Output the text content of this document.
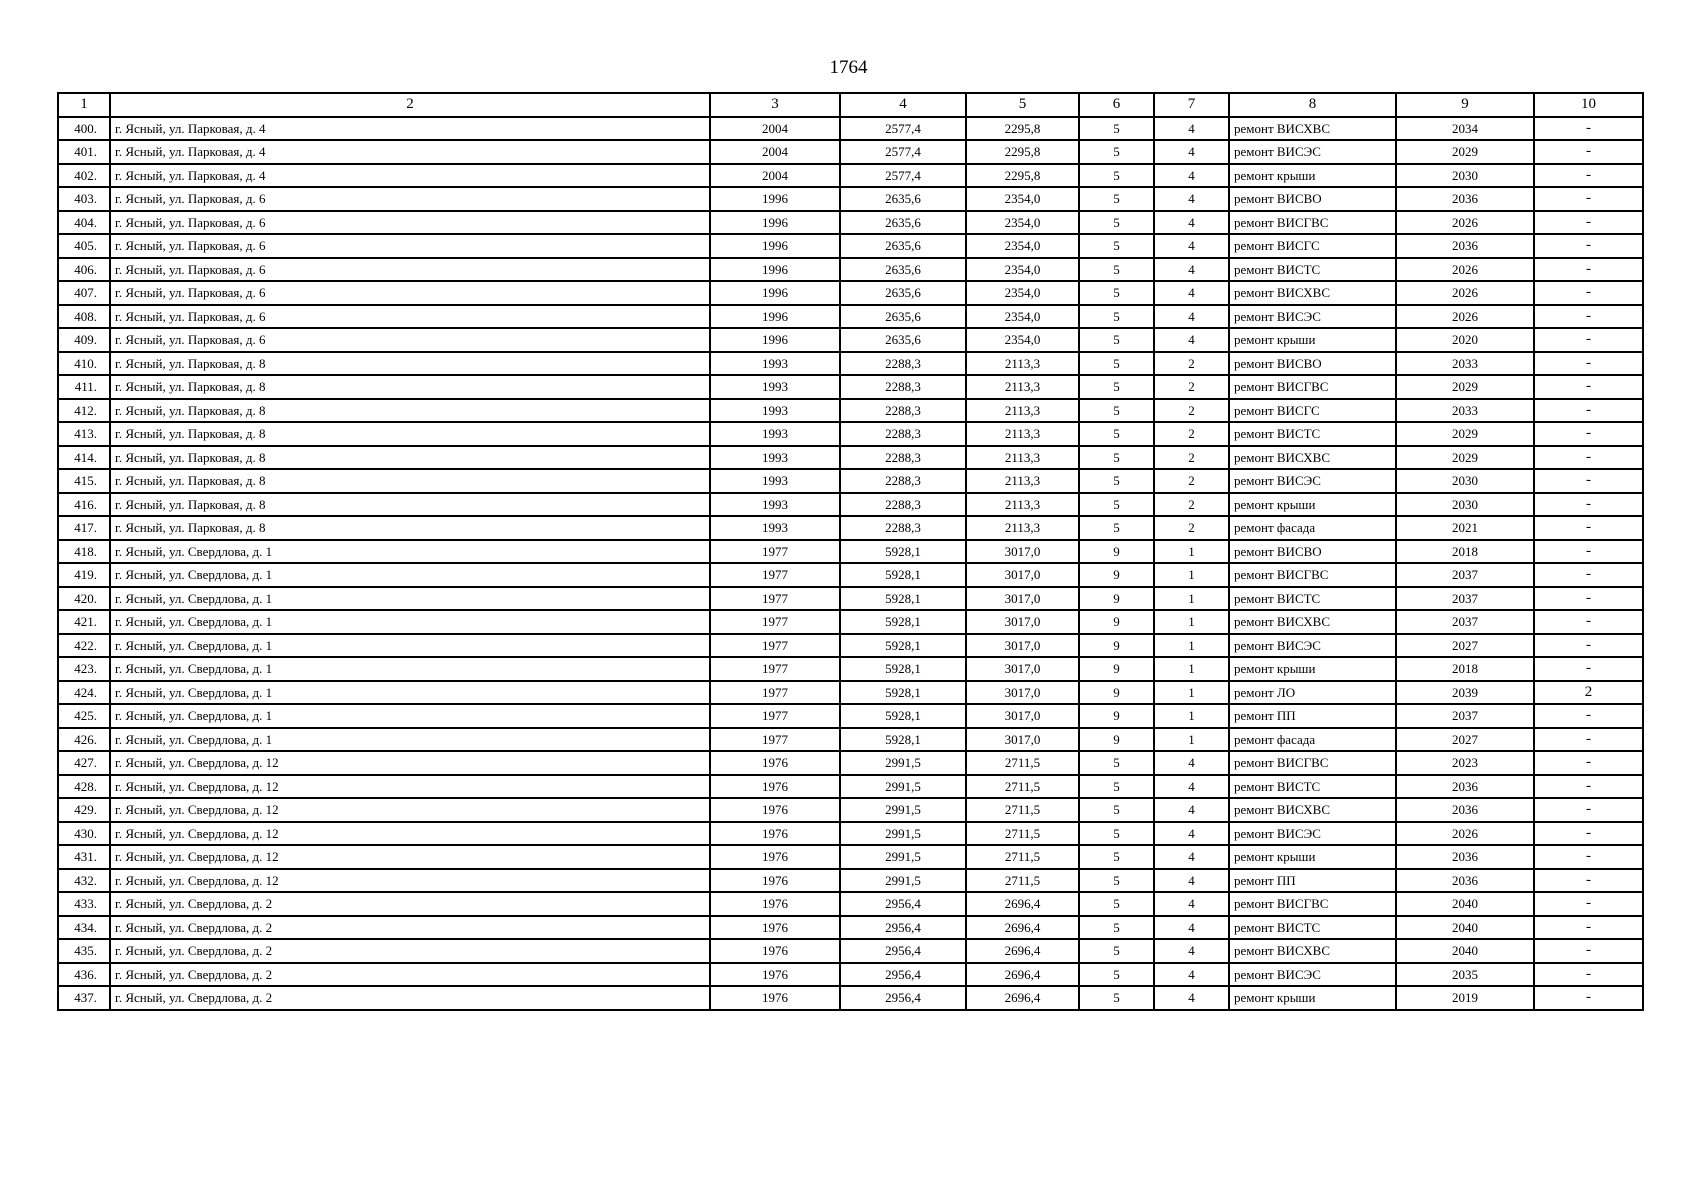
1764
1	2	3	4	5	6	7	8	9	10
400.	г. Ясный, ул. Парковая, д. 4	2004	2577,4	2295,8	5	4	ремонт ВИСХВС	2034	-
401.	г. Ясный, ул. Парковая, д. 4	2004	2577,4	2295,8	5	4	ремонт ВИСЭС	2029	-
402.	г. Ясный, ул. Парковая, д. 4	2004	2577,4	2295,8	5	4	ремонт крыши	2030	-
403.	г. Ясный, ул. Парковая, д. 6	1996	2635,6	2354,0	5	4	ремонт ВИСВО	2036	-
404.	г. Ясный, ул. Парковая, д. 6	1996	2635,6	2354,0	5	4	ремонт ВИСГВС	2026	-
405.	г. Ясный, ул. Парковая, д. 6	1996	2635,6	2354,0	5	4	ремонт ВИСГС	2036	-
406.	г. Ясный, ул. Парковая, д. 6	1996	2635,6	2354,0	5	4	ремонт ВИСТС	2026	-
407.	г. Ясный, ул. Парковая, д. 6	1996	2635,6	2354,0	5	4	ремонт ВИСХВС	2026	-
408.	г. Ясный, ул. Парковая, д. 6	1996	2635,6	2354,0	5	4	ремонт ВИСЭС	2026	-
409.	г. Ясный, ул. Парковая, д. 6	1996	2635,6	2354,0	5	4	ремонт крыши	2020	-
410.	г. Ясный, ул. Парковая, д. 8	1993	2288,3	2113,3	5	2	ремонт ВИСВО	2033	-
411.	г. Ясный, ул. Парковая, д. 8	1993	2288,3	2113,3	5	2	ремонт ВИСГВС	2029	-
412.	г. Ясный, ул. Парковая, д. 8	1993	2288,3	2113,3	5	2	ремонт ВИСГС	2033	-
413.	г. Ясный, ул. Парковая, д. 8	1993	2288,3	2113,3	5	2	ремонт ВИСТС	2029	-
414.	г. Ясный, ул. Парковая, д. 8	1993	2288,3	2113,3	5	2	ремонт ВИСХВС	2029	-
415.	г. Ясный, ул. Парковая, д. 8	1993	2288,3	2113,3	5	2	ремонт ВИСЭС	2030	-
416.	г. Ясный, ул. Парковая, д. 8	1993	2288,3	2113,3	5	2	ремонт крыши	2030	-
417.	г. Ясный, ул. Парковая, д. 8	1993	2288,3	2113,3	5	2	ремонт фасада	2021	-
418.	г. Ясный, ул. Свердлова, д. 1	1977	5928,1	3017,0	9	1	ремонт ВИСВО	2018	-
419.	г. Ясный, ул. Свердлова, д. 1	1977	5928,1	3017,0	9	1	ремонт ВИСГВС	2037	-
420.	г. Ясный, ул. Свердлова, д. 1	1977	5928,1	3017,0	9	1	ремонт ВИСТС	2037	-
421.	г. Ясный, ул. Свердлова, д. 1	1977	5928,1	3017,0	9	1	ремонт ВИСХВС	2037	-
422.	г. Ясный, ул. Свердлова, д. 1	1977	5928,1	3017,0	9	1	ремонт ВИСЭС	2027	-
423.	г. Ясный, ул. Свердлова, д. 1	1977	5928,1	3017,0	9	1	ремонт крыши	2018	-
424.	г. Ясный, ул. Свердлова, д. 1	1977	5928,1	3017,0	9	1	ремонт ЛО	2039	2
425.	г. Ясный, ул. Свердлова, д. 1	1977	5928,1	3017,0	9	1	ремонт ПП	2037	-
426.	г. Ясный, ул. Свердлова, д. 1	1977	5928,1	3017,0	9	1	ремонт фасада	2027	-
427.	г. Ясный, ул. Свердлова, д. 12	1976	2991,5	2711,5	5	4	ремонт ВИСГВС	2023	-
428.	г. Ясный, ул. Свердлова, д. 12	1976	2991,5	2711,5	5	4	ремонт ВИСТС	2036	-
429.	г. Ясный, ул. Свердлова, д. 12	1976	2991,5	2711,5	5	4	ремонт ВИСХВС	2036	-
430.	г. Ясный, ул. Свердлова, д. 12	1976	2991,5	2711,5	5	4	ремонт ВИСЭС	2026	-
431.	г. Ясный, ул. Свердлова, д. 12	1976	2991,5	2711,5	5	4	ремонт крыши	2036	-
432.	г. Ясный, ул. Свердлова, д. 12	1976	2991,5	2711,5	5	4	ремонт ПП	2036	-
433.	г. Ясный, ул. Свердлова, д. 2	1976	2956,4	2696,4	5	4	ремонт ВИСГВС	2040	-
434.	г. Ясный, ул. Свердлова, д. 2	1976	2956,4	2696,4	5	4	ремонт ВИСТС	2040	-
435.	г. Ясный, ул. Свердлова, д. 2	1976	2956,4	2696,4	5	4	ремонт ВИСХВС	2040	-
436.	г. Ясный, ул. Свердлова, д. 2	1976	2956,4	2696,4	5	4	ремонт ВИСЭС	2035	-
437.	г. Ясный, ул. Свердлова, д. 2	1976	2956,4	2696,4	5	4	ремонт крыши	2019	-
